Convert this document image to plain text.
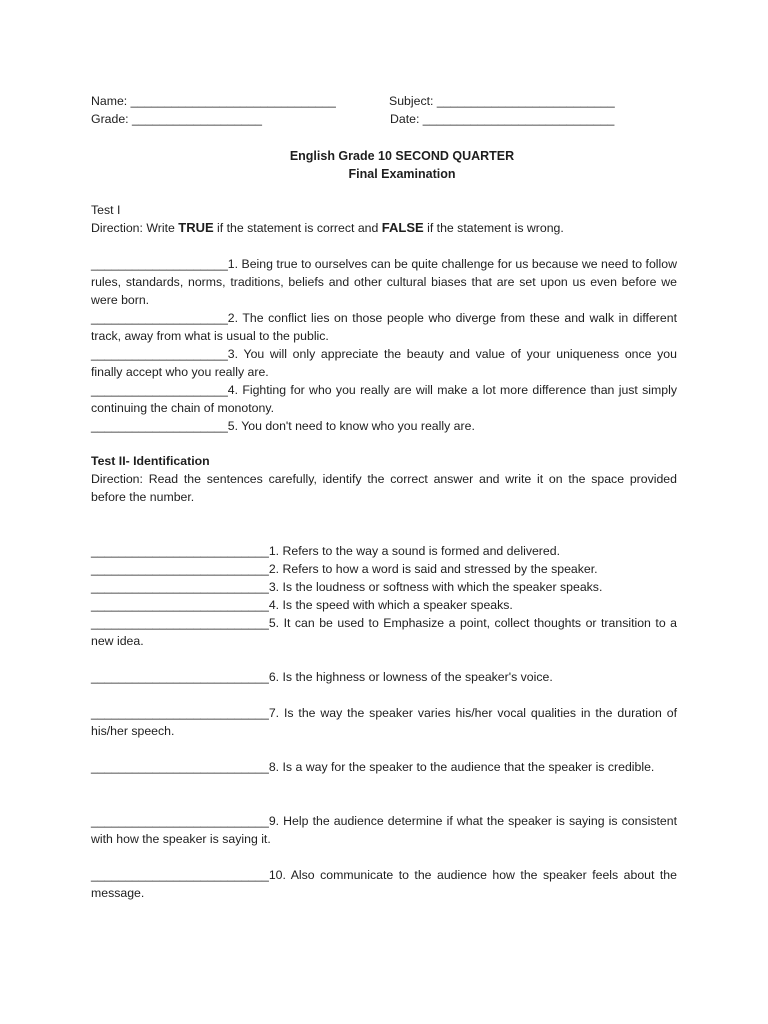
Name: ______________________________	Subject: __________________________
Grade: ___________________	Date: ____________________________
English Grade 10 SECOND QUARTER
Final Examination
Test I
Direction: Write TRUE if the statement is correct and FALSE if the statement is wrong.
____________________1. Being true to ourselves can be quite challenge for us because we need to follow rules, standards, norms, traditions, beliefs and other cultural biases that are set upon us even before we were born.
____________________2. The conflict lies on those people who diverge from these and walk in different track, away from what is usual to the public.
____________________3. You will only appreciate the beauty and value of your uniqueness once you finally accept who you really are.
____________________4. Fighting for who you really are will make a lot more difference than just simply continuing the chain of monotony.
____________________5. You don't need to know who you really are.
Test II- Identification
Direction: Read the sentences carefully, identify the correct answer and write it on the space provided before the number.
__________________________1. Refers to the way a sound is formed and delivered.
__________________________2. Refers to how a word is said and stressed by the speaker.
__________________________3. Is the loudness or softness with which the speaker speaks.
__________________________4. Is the speed with which a speaker speaks.
__________________________5. It can be used to Emphasize a point, collect thoughts or transition to a new idea.
__________________________6. Is the highness or lowness of the speaker's voice.
__________________________7. Is the way the speaker varies his/her vocal qualities in the duration of his/her speech.
__________________________8. Is a way for the speaker to the audience that the speaker is credible.
__________________________9. Help the audience determine if what the speaker is saying is consistent with how the speaker is saying it.
__________________________10. Also communicate to the audience how the speaker feels about the message.
